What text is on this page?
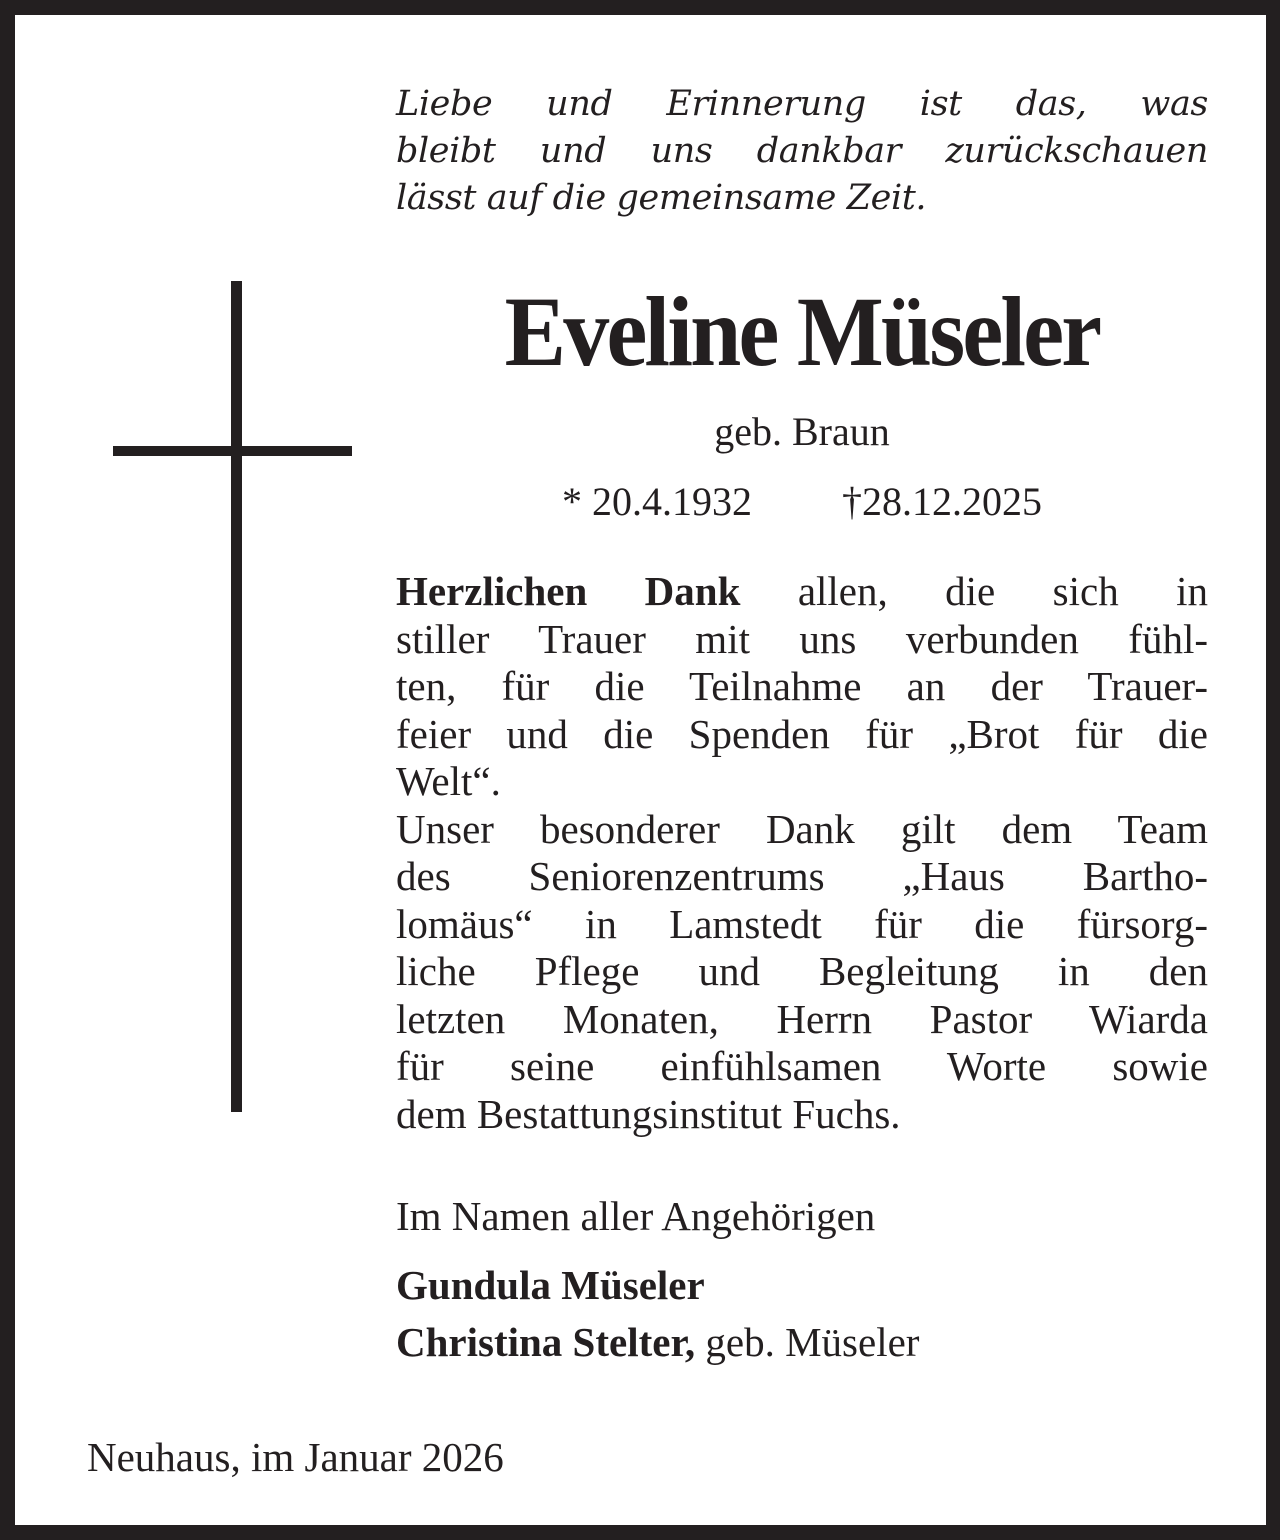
Liebe und Erinnerung ist das, was
bleibt und uns dankbar zurückschauen
lässt auf die gemeinsame Zeit.
Eveline Müseler
geb. Braun
* 20.4.1932 †28.12.2025
Herzlichen Dank allen, die sich in
stiller Trauer mit uns verbunden fühl-
ten, für die Teilnahme an der Trauer-
feier und die Spenden für „Brot für die
Welt“.
Unser besonderer Dank gilt dem Team
des Seniorenzentrums „Haus Bartho-
lomäus“ in Lamstedt für die fürsorg-
liche Pflege und Begleitung in den
letzten Monaten, Herrn Pastor Wiarda
für seine einfühlsamen Worte sowie
dem Bestattungsinstitut Fuchs.
Im Namen aller Angehörigen
Gundula Müseler
Christina Stelter, geb. Müseler
Neuhaus, im Januar 2026
